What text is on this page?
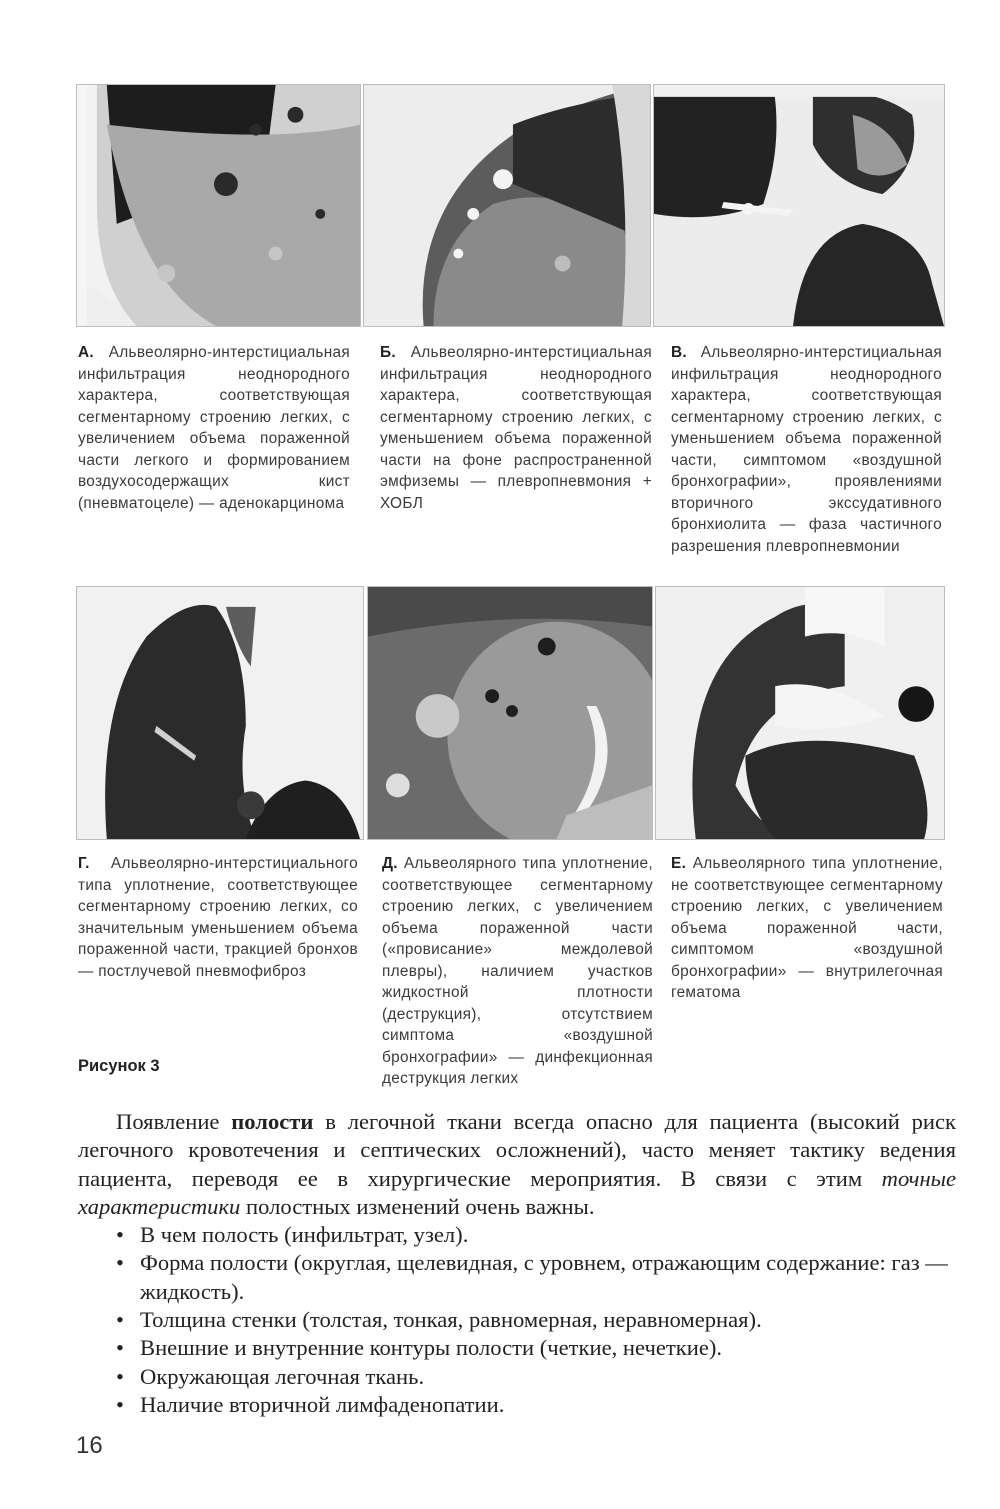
А. Альвеолярно-интерстициальная инфильтрация неоднородного характера, соответствующая сегментарному строению легких, с увеличением объема пораженной части легкого и формированием воздухосодержащих кист (пневматоцеле) — аденокарцинома
Б. Альвеолярно-интерстициальная инфильтрация неоднородного характера, соответствующая сегментарному строению легких, с уменьшением объема пораженной части на фоне распространенной эмфиземы — плевропневмония + ХОБЛ
В. Альвеолярно-интерстициальная инфильтрация неоднородного характера, соответствующая сегментарному строению легких, с уменьшением объема пораженной части, симптомом «воздушной бронхографии», проявлениями вторичного экссудативного бронхиолита — фаза частичного разрешения плевропневмонии
Г. Альвеолярно-интерстициального типа уплотнение, соответствующее сегментарному строению легких, со значительным уменьшением объема пораженной части, тракцией бронхов — постлучевой пневмофиброз
Д. Альвеолярного типа уплотнение, соответствующее сегментарному строению легких, с увеличением объема пораженной части («провисание» междолевой плевры), наличием участков жидкостной плотности (деструкция), отсутствием симптома «воздушной бронхографии» — динфекционная деструкция легких
Е. Альвеолярного типа уплотнение, не соответствующее сегментарному строению легких, с увеличением объема пораженной части, симптомом «воздушной бронхографии» — внутрилегочная гематома
Рисунок 3

Появление полости в легочной ткани всегда опасно для пациента (высокий риск легочного кровотечения и септических осложнений), часто меняет тактику ведения пациента, переводя ее в хирургические мероприятия. В связи с этим точные характеристики полостных изменений очень важны.

• В чем полость (инфильтрат, узел).
• Форма полости (округлая, щелевидная, с уровнем, отражающим содержание: газ — жидкость).
• Толщина стенки (толстая, тонкая, равномерная, неравномерная).
• Внешние и внутренние контуры полости (четкие, нечеткие).
• Окружающая легочная ткань.
• Наличие вторичной лимфаденопатии.
16
